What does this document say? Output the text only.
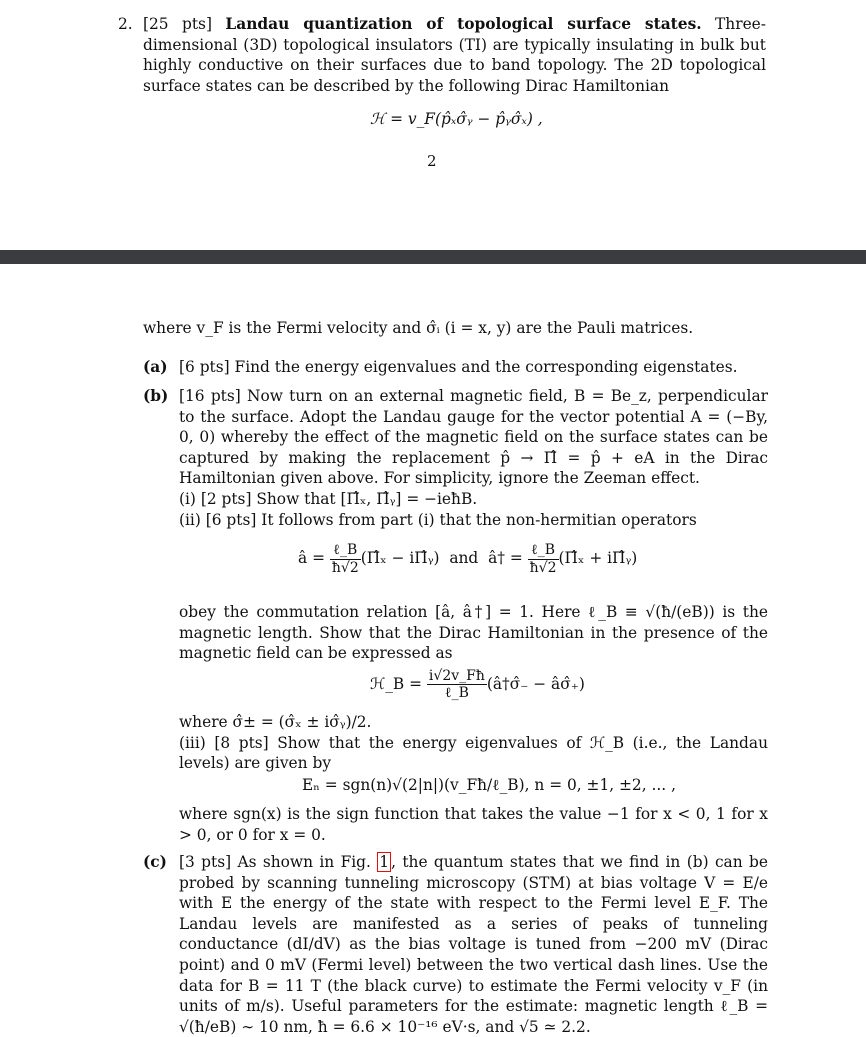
2. [25 pts] Landau quantization of topological surface states. Three-dimensional (3D) topological insulators (TI) are typically insulating in bulk but highly conductive on their surfaces due to band topology. The 2D topological surface states can be described by the following Dirac Hamiltonian
ℋ = v_F(p̂ₓσ̂ᵧ − p̂ᵧσ̂ₓ) ,
2
where v_F is the Fermi velocity and σ̂ᵢ (i = x, y) are the Pauli matrices.
(a) [6 pts] Find the energy eigenvalues and the corresponding eigenstates.
(b) [16 pts] Now turn on an external magnetic field, B = Be_z, perpendicular to the surface. Adopt the Landau gauge for the vector potential A = (−By, 0, 0) whereby the effect of the magnetic field on the surface states can be captured by making the replacement p̂ → Π̂ = p̂ + eA in the Dirac Hamiltonian given above. For simplicity, ignore the Zeeman effect.
(i) [2 pts] Show that [Π̂ₓ, Π̂ᵧ] = −ieħB.
(ii) [6 pts] It follows from part (i) that the non-hermitian operators
â = $\frac{\text{ℓ\_B}}{ħ√2}$ (Π̂ₓ − iΠ̂ᵧ) and â† = $\frac{\text{ℓ\_B}}{ħ√2}$ (Π̂ₓ + iΠ̂ᵧ)
obey the commutation relation [â, â†] = 1. Here ℓ_B ≡ √(ħ/(eB)) is the magnetic length. Show that the Dirac Hamiltonian in the presence of the magnetic field can be expressed as
ℋ_B = $\frac{i√2v\_Fħ}{\text{ℓ\_B}}$ (â†σ̂₋ − âσ̂₊)
where σ̂± = (σ̂ₓ ± iσ̂ᵧ)/2.
(iii) [8 pts] Show that the energy eigenvalues of ℋ_B (i.e., the Landau levels) are given by
Eₙ = sgn(n)√(2|n|)(v_Fħ/ℓ_B), n = 0, ±1, ±2, ... ,
where sgn(x) is the sign function that takes the value −1 for x < 0, 1 for x > 0, or 0 for x = 0.
(c) [3 pts] As shown in Fig. 1 , the quantum states that we find in (b) can be probed by scanning tunneling microscopy (STM) at bias voltage V = E/e with E the energy of the state with respect to the Fermi level E_F. The Landau levels are manifested as a series of peaks of tunneling conductance (dI/dV) as the bias voltage is tuned from −200 mV (Dirac point) and 0 mV (Fermi level) between the two vertical dash lines. Use the data for B = 11 T (the black curve) to estimate the Fermi velocity v_F (in units of m/s). Useful parameters for the estimate: magnetic length ℓ_B = √(ħ/eB) ∼ 10 nm, ħ = 6.6 × 10⁻¹⁶ eV·s, and √5 ≃ 2.2.
